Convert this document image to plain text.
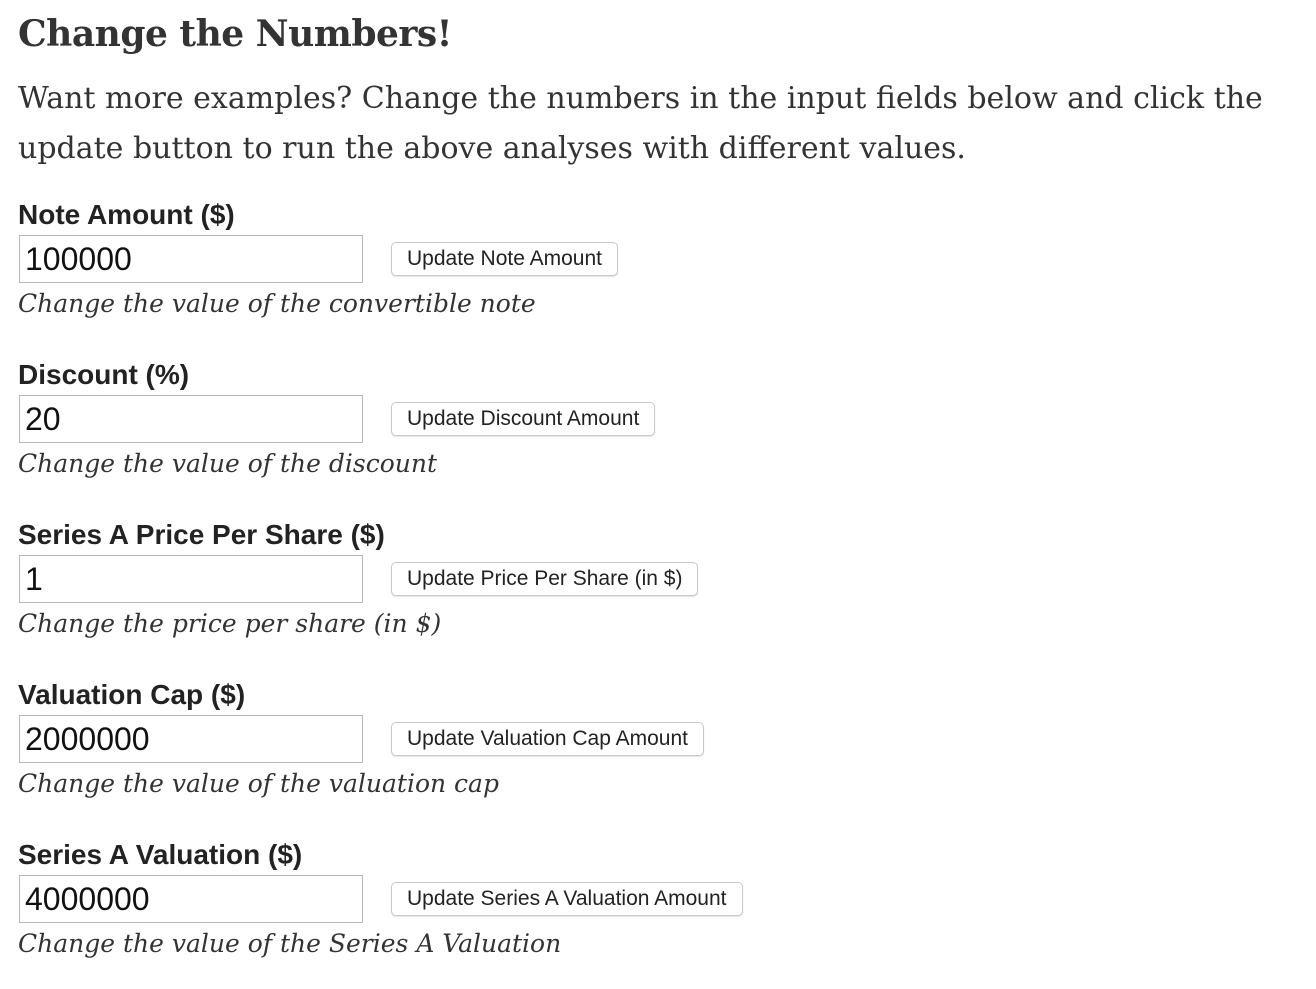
Change the Numbers!

Want more examples? Change the numbers in the input fields below and click the update button to run the above analyses with different values.

Note Amount ($)
100000
Update Note Amount
Change the value of the convertible note
Discount (%)
20
Update Discount Amount
Change the value of the discount
Series A Price Per Share ($)
1
Update Price Per Share (in $)
Change the price per share (in $)
Valuation Cap ($)
2000000
Update Valuation Cap Amount
Change the value of the valuation cap
Series A Valuation ($)
4000000
Update Series A Valuation Amount
Change the value of the Series A Valuation
